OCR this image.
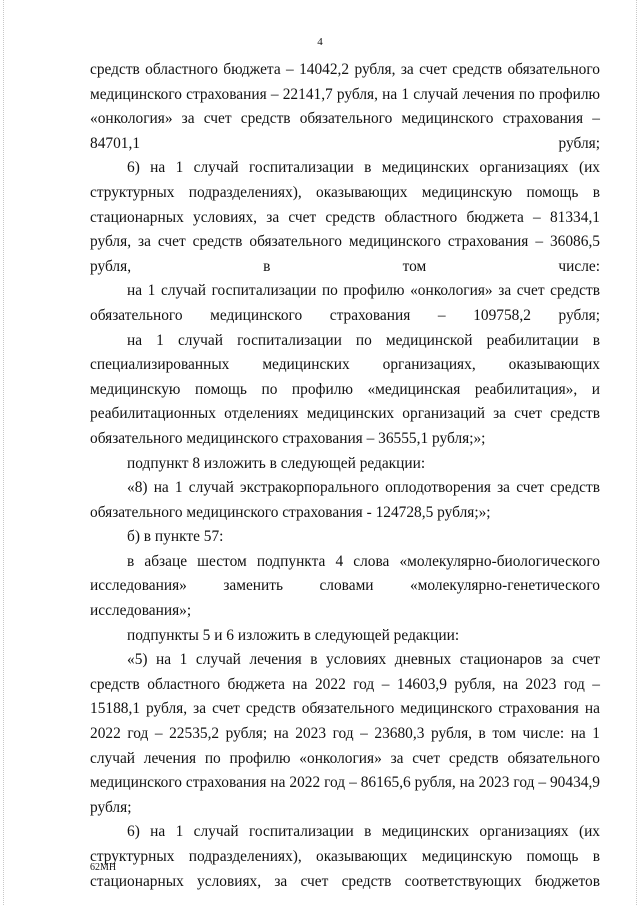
4

средств областного бюджета – 14042,2 рубля, за счет средств обязательного медицинского страхования – 22141,7 рубля, на 1 случай лечения по профилю «онкология» за счет средств обязательного медицинского страхования – 84701,1 рубля;

6) на 1 случай госпитализации в медицинских организациях (их структурных подразделениях), оказывающих медицинскую помощь в стационарных условиях, за счет средств областного бюджета – 81334,1 рубля, за счет средств обязательного медицинского страхования – 36086,5 рубля, в том числе:

на 1 случай госпитализации по профилю «онкология» за счет средств обязательного медицинского страхования – 109758,2 рубля;

на 1 случай госпитализации по медицинской реабилитации в специализированных медицинских организациях, оказывающих медицинскую помощь по профилю «медицинская реабилитация», и реабилитационных отделениях медицинских организаций за счет средств обязательного медицинского страхования – 36555,1 рубля;»;

подпункт 8 изложить в следующей редакции:

«8) на 1 случай экстракорпорального оплодотворения за счет средств обязательного медицинского страхования - 124728,5 рубля;»;

б) в пункте 57:

в абзаце шестом подпункта 4 слова «молекулярно-биологического исследования» заменить словами «молекулярно-генетического исследования»;

подпункты 5 и 6 изложить в следующей редакции:

«5) на 1 случай лечения в условиях дневных стационаров за счет средств областного бюджета на 2022 год – 14603,9 рубля, на 2023 год – 15188,1 рубля, за счет средств обязательного медицинского страхования на 2022 год – 22535,2 рубля; на 2023 год – 23680,3 рубля, в том числе: на 1 случай лечения по профилю «онкология» за счет средств обязательного медицинского страхования на 2022 год – 86165,6 рубля, на 2023 год – 90434,9 рубля;

6) на 1 случай госпитализации в медицинских организациях (их структурных подразделениях), оказывающих медицинскую помощь в стационарных условиях, за счет средств соответствующих бюджетов

62МН
